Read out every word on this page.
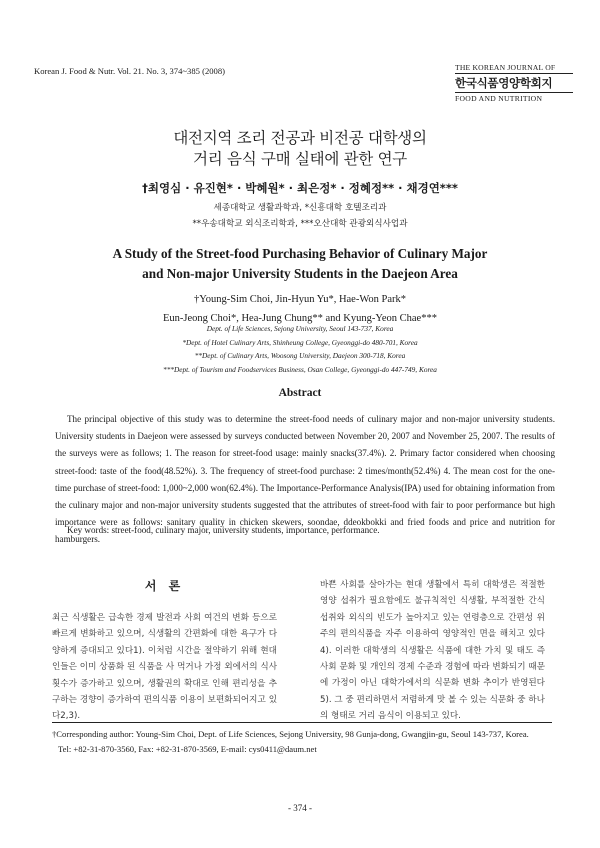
Korean J. Food & Nutr. Vol. 21. No. 3, 374~385 (2008)	THE KOREAN JOURNAL OF
한국식품영양학회지
FOOD AND NUTRITION
대전지역 조리 전공과 비전공 대학생의
거리 음식 구매 실태에 관한 연구
†최영심 · 유진현* · 박혜원* · 최은정* · 정혜정** · 채경연***
세종대학교 생활과학과, *신흥대학 호텔조리과
**우송대학교 외식조리학과, ***오산대학 관광외식사업과
A Study of the Street-food Purchasing Behavior of Culinary Major
and Non-major University Students in the Daejeon Area
†Young-Sim Choi, Jin-Hyun Yu*, Hae-Won Park*
Eun-Jeong Choi*, Hea-Jung Chung** and Kyung-Yeon Chae***
Dept. of Life Sciences, Sejong University, Seoul 143-737, Korea
*Dept. of Hotel Culinary Arts, Shinheung College, Gyeonggi-do 480-701, Korea
**Dept. of Culinary Arts, Woosong University, Daejeon 300-718, Korea
***Dept. of Tourism and Foodservices Business, Osan College, Gyeonggi-do 447-749, Korea
Abstract
The principal objective of this study was to determine the street-food needs of culinary major and non-major university students. University students in Daejeon were assessed by surveys conducted between November 20, 2007 and November 25, 2007. The results of the surveys were as follows; 1. The reason for street-food usage: mainly snacks(37.4%). 2. Primary factor considered when choosing street-food: taste of the food(48.52%). 3. The frequency of street-food purchase: 2 times/month(52.4%) 4. The mean cost for the one-time purchase of street-food: 1,000~2,000 won(62.4%). The Importance-Performance Analysis(IPA) used for obtaining information from the culinary major and non-major university students suggested that the attributes of street-food with fair to poor performance but high importance were as follows: sanitary quality in chicken skewers, soondae, ddeokbokki and fried foods and price and nutrition for hamburgers.
Key words: street-food, culinary major, university students, importance, performance.
서 론
최근 식생활은 급속한 경제 발전과 사회 여건의 변화 등으로 빠르게 변화하고 있으며, 식생활의 간편화에 대한 욕구가 다양하게 증대되고 있다1). 이처럼 시간을 절약하기 위해 현대인들은 이미 상품화 된 식품을 사 먹거나 가정 외에서의 식사 횟수가 증가하고 있으며, 생활권의 확대로 인해 편리성을 추구하는 경향이 증가하여 편의식품 이용이 보편화되어지고 있다2,3).
바쁜 사회를 살아가는 현대 생활에서 특히 대학생은 적절한 영양 섭취가 필요함에도 불규칙적인 식생활, 부적절한 간식 섭취와 외식의 빈도가 높아지고 있는 연령층으로 간편성 위주의 편의식품을 자주 이용하여 영양적인 면을 해치고 있다4). 이러한 대학생의 식생활은 식품에 대한 가치 및 태도 즉 사회 문화 및 개인의 경제 수준과 경험에 따라 변화되기 때문에 가정이 아닌 대학가에서의 식문화 변화 추이가 반영된다5). 그 중 편리하면서 저렴하게 맛 볼 수 있는 식문화 중 하나의 형태로 거리 음식이 이용되고 있다.
†Corresponding author: Young-Sim Choi, Dept. of Life Sciences, Sejong University, 98 Gunja-dong, Gwangjin-gu, Seoul 143-737, Korea.
Tel: +82-31-870-3560, Fax: +82-31-870-3569, E-mail: cys0411@daum.net
- 374 -
